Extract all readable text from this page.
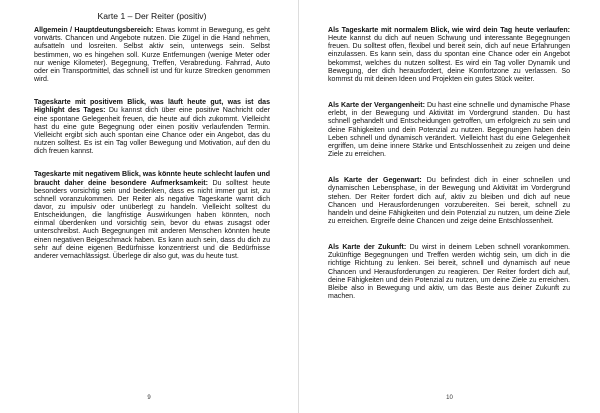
Karte 1 – Der Reiter (positiv)

Allgemein / Hauptdeutungsbereich: Etwas kommt in Bewegung, es geht vorwärts. Chancen und Angebote nutzen. Die Zügel in die Hand nehmen, aufsatteln und losreiten. Selbst aktiv sein, unterwegs sein. Selbst bestimmen, wo es hingehen soll. Kurze Entfernungen (wenige Meter oder nur wenige Kilometer). Begegnung, Treffen, Verabredung. Fahrrad, Auto oder ein Transportmittel, das schnell ist und für kurze Strecken genommen wird.

Tageskarte mit positivem Blick, was läuft heute gut, was ist das Highlight des Tages: Du kannst dich über eine positive Nachricht oder eine spontane Gelegenheit freuen, die heute auf dich zukommt. Vielleicht hast du eine gute Begegnung oder einen positiv verlaufenden Termin. Vielleicht ergibt sich auch spontan eine Chance oder ein Angebot, das du nutzen solltest. Es ist ein Tag voller Bewegung und Motivation, auf den du dich freuen kannst.

Tageskarte mit negativem Blick, was könnte heute schlecht laufen und braucht daher deine besondere Aufmerksamkeit: Du solltest heute besonders vorsichtig sein und bedenken, dass es nicht immer gut ist, zu schnell voranzukommen. Der Reiter als negative Tageskarte warnt dich davor, zu impulsiv oder unüberlegt zu handeln. Vielleicht solltest du Entscheidungen, die langfristige Auswirkungen haben könnten, noch einmal überdenken und vorsichtig sein, bevor du etwas zusagst oder unterschreibst. Auch Begegnungen mit anderen Menschen könnten heute einen negativen Beigeschmack haben. Es kann auch sein, dass du dich zu sehr auf deine eigenen Bedürfnisse konzentrierst und die Bedürfnisse anderer vernachlässigst. Überlege dir also gut, was du heute tust.

9

Als Tageskarte mit normalem Blick, wie wird dein Tag heute verlaufen: Heute kannst du dich auf neuen Schwung und interessante Begegnungen freuen. Du solltest offen, flexibel und bereit sein, dich auf neue Erfahrungen einzulassen. Es kann sein, dass du spontan eine Chance oder ein Angebot bekommst, welches du nutzen solltest. Es wird ein Tag voller Dynamik und Bewegung, der dich herausfordert, deine Komfortzone zu verlassen. So kommst du mit deinen Ideen und Projekten ein gutes Stück weiter.

Als Karte der Vergangenheit: Du hast eine schnelle und dynamische Phase erlebt, in der Bewegung und Aktivität im Vordergrund standen. Du hast schnell gehandelt und Entscheidungen getroffen, um erfolgreich zu sein und deine Fähigkeiten und dein Potenzial zu nutzen. Begegnungen haben dein Leben schnell und dynamisch verändert. Vielleicht hast du eine Gelegenheit ergriffen, um deine innere Stärke und Entschlossenheit zu zeigen und deine Ziele zu erreichen.

Als Karte der Gegenwart: Du befindest dich in einer schnellen und dynamischen Lebensphase, in der Bewegung und Aktivität im Vordergrund stehen. Der Reiter fordert dich auf, aktiv zu bleiben und dich auf neue Chancen und Herausforderungen vorzubereiten. Sei bereit, schnell zu handeln und deine Fähigkeiten und dein Potenzial zu nutzen, um deine Ziele zu erreichen. Ergreife deine Chancen und zeige deine Entschlossenheit.

Als Karte der Zukunft: Du wirst in deinem Leben schnell vorankommen. Zukünftige Begegnungen und Treffen werden wichtig sein, um dich in die richtige Richtung zu lenken. Sei bereit, schnell und dynamisch auf neue Chancen und Herausforderungen zu reagieren. Der Reiter fordert dich auf, deine Fähigkeiten und dein Potenzial zu nutzen, um deine Ziele zu erreichen. Bleibe also in Bewegung und aktiv, um das Beste aus deiner Zukunft zu machen.

10
